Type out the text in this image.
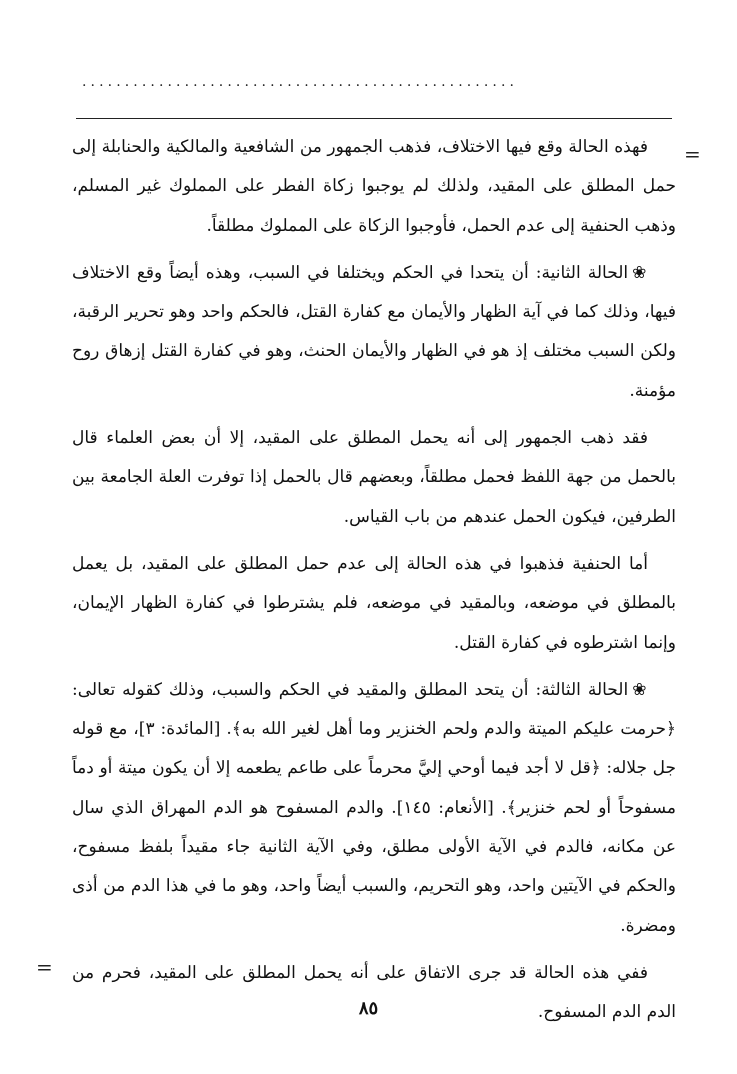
...................................................
=
=

فهذه الحالة وقع فيها الاختلاف، فذهب الجمهور من الشافعية والمالكية والحنابلة إلى حمل المطلق على المقيد، ولذلك لم يوجبوا زكاة الفطر على المملوك غير المسلم، وذهب الحنفية إلى عدم الحمل، فأوجبوا الزكاة على المملوك مطلقاً.

❀الحالة الثانية: أن يتحدا في الحكم ويختلفا في السبب، وهذه أيضاً وقع الاختلاف فيها، وذلك كما في آية الظهار والأيمان مع كفارة القتل، فالحكم واحد وهو تحرير الرقبة، ولكن السبب مختلف إذ هو في الظهار والأيمان الحنث، وهو في كفارة القتل إزهاق روح مؤمنة.

فقد ذهب الجمهور إلى أنه يحمل المطلق على المقيد، إلا أن بعض العلماء قال بالحمل من جهة اللفظ فحمل مطلقاً، وبعضهم قال بالحمل إذا توفرت العلة الجامعة بين الطرفين، فيكون الحمل عندهم من باب القياس.

أما الحنفية فذهبوا في هذه الحالة إلى عدم حمل المطلق على المقيد، بل يعمل بالمطلق في موضعه، وبالمقيد في موضعه، فلم يشترطوا في كفارة الظهار الإيمان، وإنما اشترطوه في كفارة القتل.

❀الحالة الثالثة: أن يتحد المطلق والمقيد في الحكم والسبب، وذلك كقوله تعالى: ﴿حرمت عليكم الميتة والدم ولحم الخنزير وما أهل لغير الله به﴾. [المائدة: ٣]، مع قوله جل جلاله: ﴿قل لا أجد فيما أوحي إليَّ محرماً على طاعم يطعمه إلا أن يكون ميتة أو دماً مسفوحاً أو لحم خنزير﴾. [الأنعام: ١٤٥]. والدم المسفوح هو الدم المهراق الذي سال عن مكانه، فالدم في الآية الأولى مطلق، وفي الآية الثانية جاء مقيداً بلفظ مسفوح، والحكم في الآيتين واحد، وهو التحريم، والسبب أيضاً واحد، وهو ما في هذا الدم من أذى ومضرة.

ففي هذه الحالة قد جرى الاتفاق على أنه يحمل المطلق على المقيد، فحرم من الدم الدم المسفوح.

٨٥
